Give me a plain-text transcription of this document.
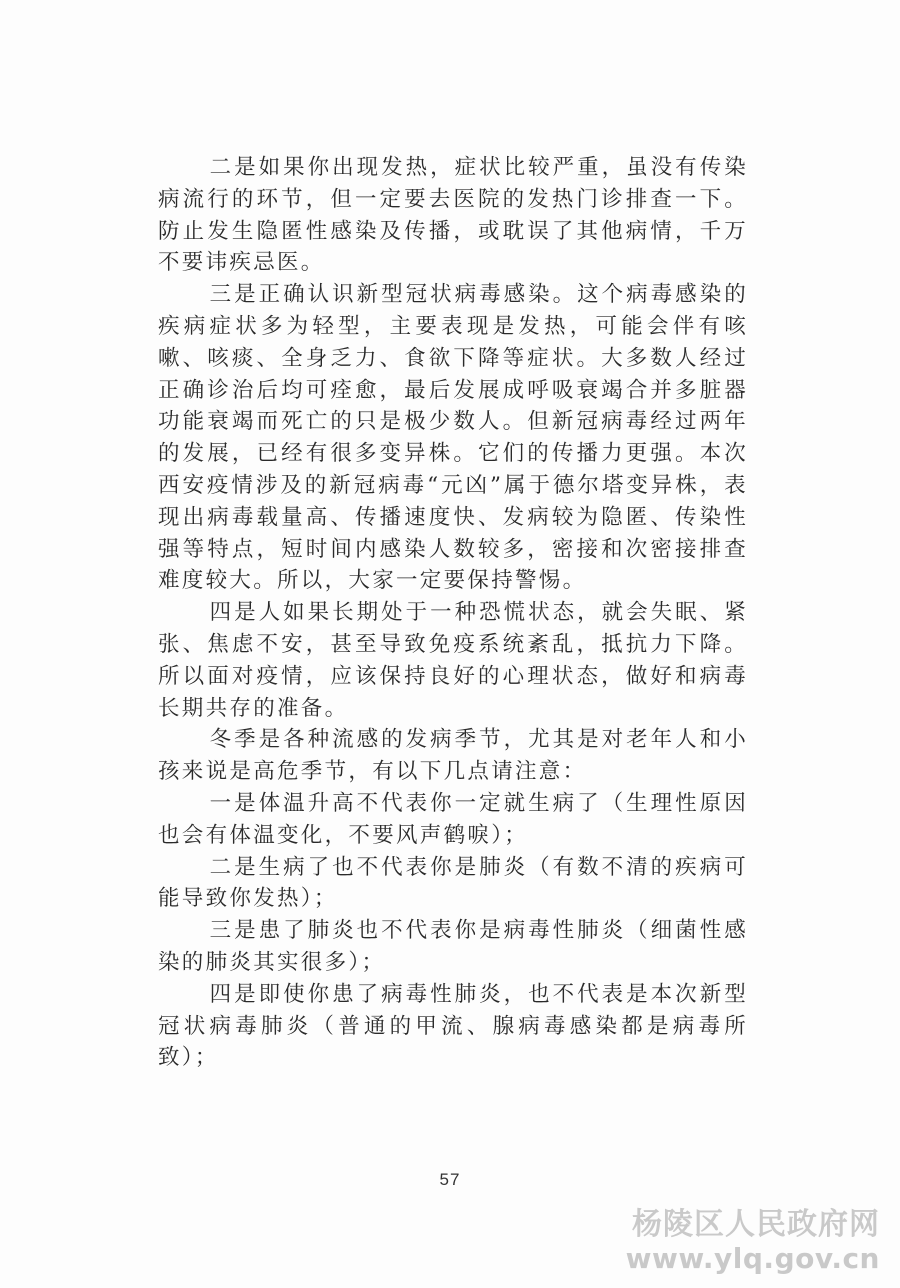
二是如果你出现发热，症状比较严重，虽没有传染病流行的环节，但一定要去医院的发热门诊排查一下。防止发生隐匿性感染及传播，或耽误了其他病情，千万不要讳疾忌医。

三是正确认识新型冠状病毒感染。这个病毒感染的疾病症状多为轻型，主要表现是发热，可能会伴有咳嗽、咳痰、全身乏力、食欲下降等症状。大多数人经过正确诊治后均可痊愈，最后发展成呼吸衰竭合并多脏器功能衰竭而死亡的只是极少数人。但新冠病毒经过两年的发展，已经有很多变异株。它们的传播力更强。本次西安疫情涉及的新冠病毒“元凶”属于德尔塔变异株，表现出病毒载量高、传播速度快、发病较为隐匿、传染性强等特点，短时间内感染人数较多，密接和次密接排查难度较大。所以，大家一定要保持警惕。

四是人如果长期处于一种恐慌状态，就会失眠、紧张、焦虑不安，甚至导致免疫系统紊乱，抵抗力下降。所以面对疫情，应该保持良好的心理状态，做好和病毒长期共存的准备。

冬季是各种流感的发病季节，尤其是对老年人和小孩来说是高危季节，有以下几点请注意：

一是体温升高不代表你一定就生病了（生理性原因也会有体温变化，不要风声鹤唳）；

二是生病了也不代表你是肺炎（有数不清的疾病可能导致你发热）；

三是患了肺炎也不代表你是病毒性肺炎（细菌性感染的肺炎其实很多）；

四是即使你患了病毒性肺炎，也不代表是本次新型冠状病毒肺炎（普通的甲流、腺病毒感染都是病毒所致）；

57
杨陵区人民政府网
www.ylq.gov.cn
